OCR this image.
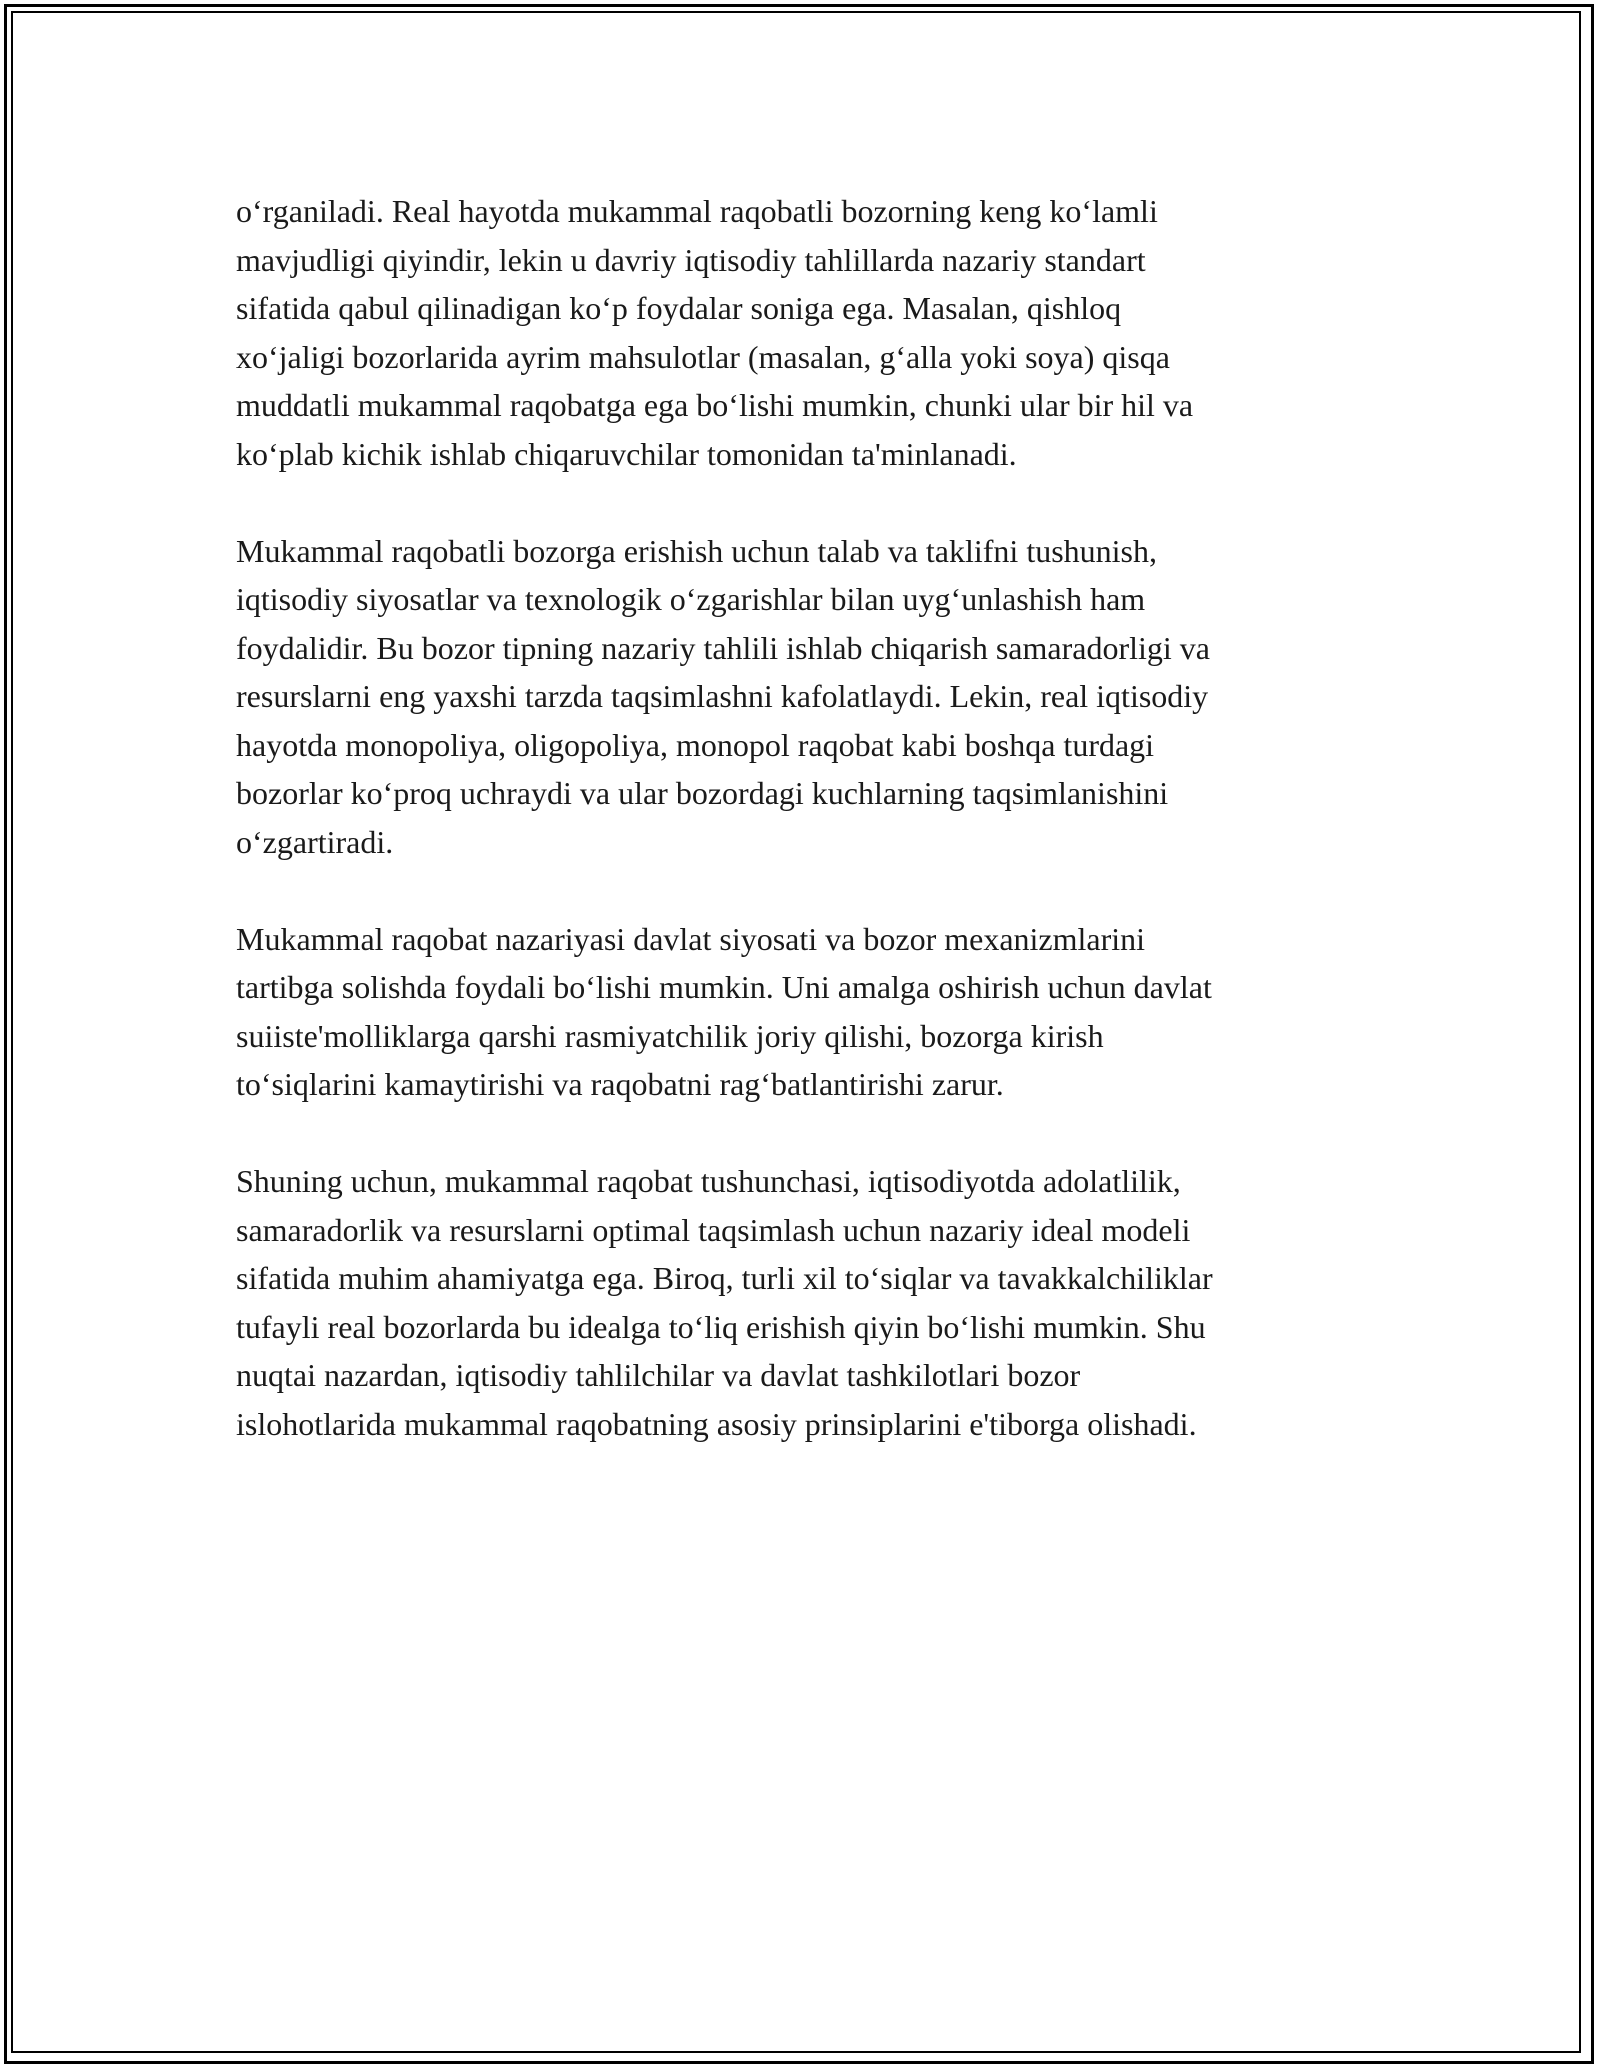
o‘rganiladi. Real hayotda mukammal raqobatli bozorning keng ko‘lamli
mavjudligi qiyindir, lekin u davriy iqtisodiy tahlillarda nazariy standart
sifatida qabul qilinadigan ko‘p foydalar soniga ega. Masalan, qishloq
xo‘jaligi bozorlarida ayrim mahsulotlar (masalan, g‘alla yoki soya) qisqa
muddatli mukammal raqobatga ega bo‘lishi mumkin, chunki ular bir hil va
ko‘plab kichik ishlab chiqaruvchilar tomonidan ta'minlanadi.

Mukammal raqobatli bozorga erishish uchun talab va taklifni tushunish,
iqtisodiy siyosatlar va texnologik o‘zgarishlar bilan uyg‘unlashish ham
foydalidir. Bu bozor tipning nazariy tahlili ishlab chiqarish samaradorligi va
resurslarni eng yaxshi tarzda taqsimlashni kafolatlaydi. Lekin, real iqtisodiy
hayotda monopoliya, oligopoliya, monopol raqobat kabi boshqa turdagi
bozorlar ko‘proq uchraydi va ular bozordagi kuchlarning taqsimlanishini
o‘zgartiradi.

Mukammal raqobat nazariyasi davlat siyosati va bozor mexanizmlarini
tartibga solishda foydali bo‘lishi mumkin. Uni amalga oshirish uchun davlat
suiiste'molliklarga qarshi rasmiyatchilik joriy qilishi, bozorga kirish
to‘siqlarini kamaytirishi va raqobatni rag‘batlantirishi zarur.

Shuning uchun, mukammal raqobat tushunchasi, iqtisodiyotda adolatlilik,
samaradorlik va resurslarni optimal taqsimlash uchun nazariy ideal modeli
sifatida muhim ahamiyatga ega. Biroq, turli xil to‘siqlar va tavakkalchiliklar
tufayli real bozorlarda bu idealga to‘liq erishish qiyin bo‘lishi mumkin. Shu
nuqtai nazardan, iqtisodiy tahlilchilar va davlat tashkilotlari bozor
islohotlarida mukammal raqobatning asosiy prinsiplarini e'tiborga olishadi.
